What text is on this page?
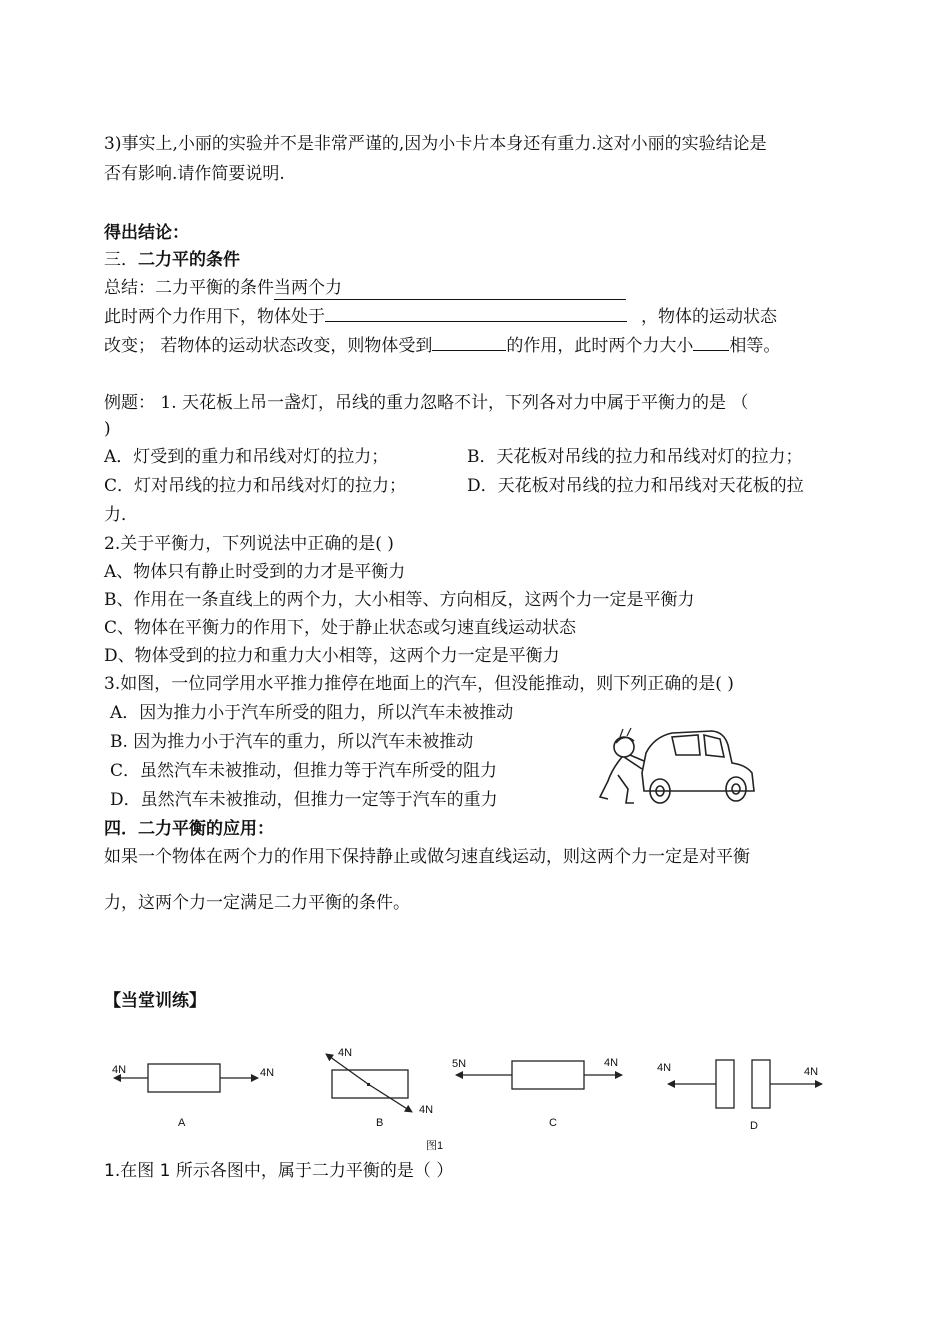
3)事实上,小丽的实验并不是非常严谨的,因为小卡片本身还有重力.这对小丽的实验结论是
否有影响.请作简要说明.
得出结论：
三．二力平的条件
总结：二力平衡的条件当两个力
此时两个力作用下，物体处于	，物体的运动状态
改变； 若物体的运动状态改变，则物体受到	的作用，此时两个力大小 相等。
例题： 1. 天花板上吊一盏灯，吊线的重力忽略不计，下列各对力中属于平衡力的是 （
)
A．灯受到的重力和吊线对灯的拉力；	B．天花板对吊线的拉力和吊线对灯的拉力；
C．灯对吊线的拉力和吊线对灯的拉力；	D．天花板对吊线的拉力和吊线对天花板的拉
力．
2.关于平衡力，下列说法中正确的是( )
A、物体只有静止时受到的力才是平衡力
B、作用在一条直线上的两个力，大小相等、方向相反，这两个力一定是平衡力
C、物体在平衡力的作用下，处于静止状态或匀速直线运动状态
D、物体受到的拉力和重力大小相等，这两个力一定是平衡力
3.如图，一位同学用水平推力推停在地面上的汽车，但没能推动，则下列正确的是( )
A．因为推力小于汽车所受的阻力，所以汽车未被推动
B. 因为推力小于汽车的重力，所以汽车未被推动
C．虽然汽车未被推动，但推力等于汽车所受的阻力
D．虽然汽车未被推动，但推力一定等于汽车的重力
四．二力平衡的应用：
如果一个物体在两个力的作用下保持静止或做匀速直线运动，则这两个力一定是对平衡
力，这两个力一定满足二力平衡的条件。
【当堂训练】
4N	4N
A
4N
4N
B
5N	4N
C
4N	4N
D
图1
1.在图 1 所示各图中，属于二力平衡的是（ ）
